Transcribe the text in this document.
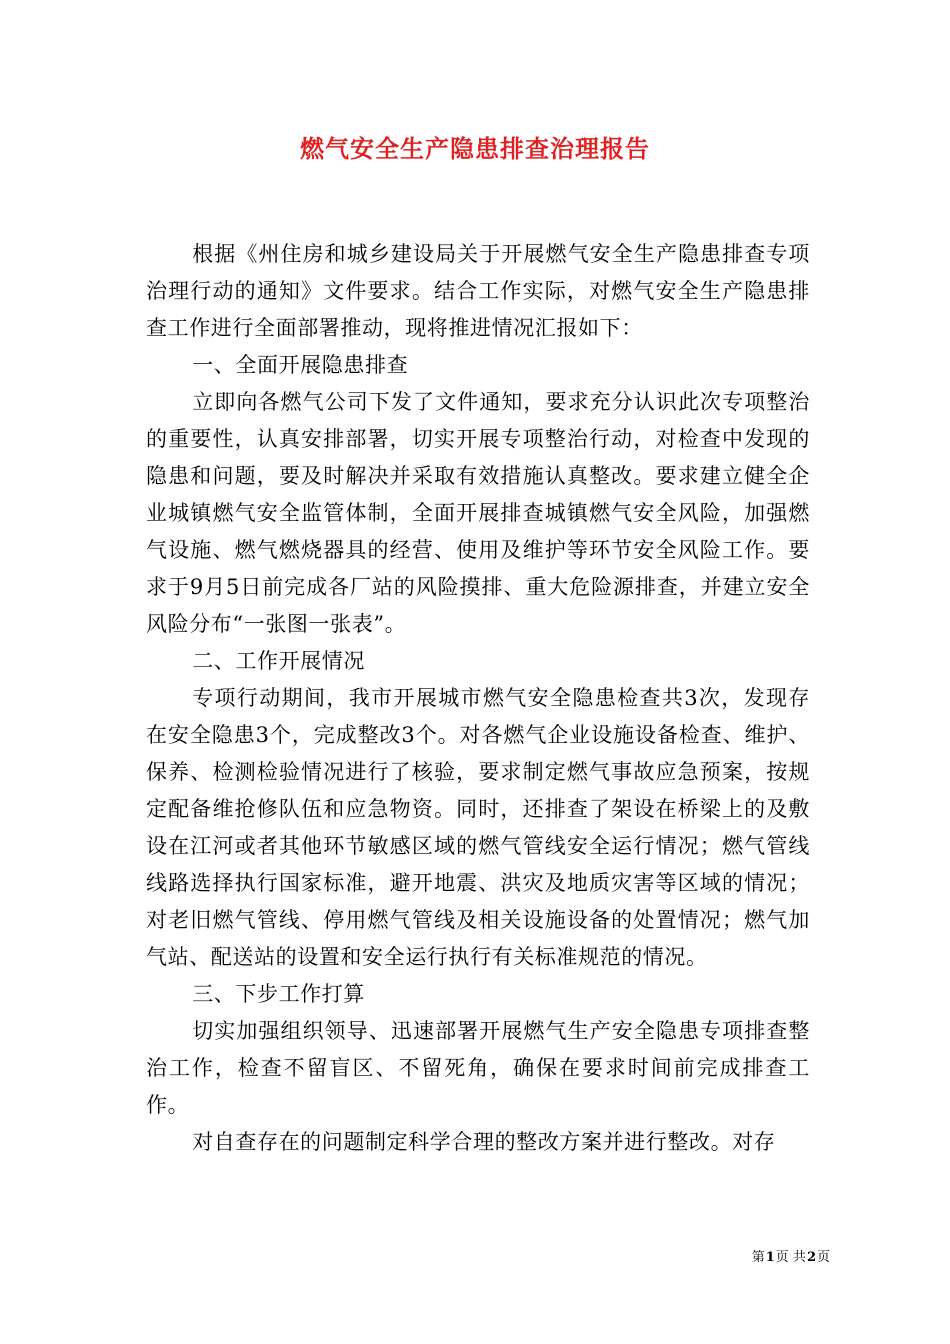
燃气安全生产隐患排查治理报告

根据《州住房和城乡建设局关于开展燃气安全生产隐患排查专项治理行动的通知》文件要求。结合工作实际，对燃气安全生产隐患排查工作进行全面部署推动，现将推进情况汇报如下：

一、全面开展隐患排查

立即向各燃气公司下发了文件通知，要求充分认识此次专项整治的重要性，认真安排部署，切实开展专项整治行动，对检查中发现的隐患和问题，要及时解决并采取有效措施认真整改。要求建立健全企业城镇燃气安全监管体制，全面开展排查城镇燃气安全风险，加强燃气设施、燃气燃烧器具的经营、使用及维护等环节安全风险工作。要求于9月5日前完成各厂站的风险摸排、重大危险源排查，并建立安全风险分布“一张图一张表”。

二、工作开展情况

专项行动期间，我市开展城市燃气安全隐患检查共3次，发现存在安全隐患3个，完成整改3个。对各燃气企业设施设备检查、维护、保养、检测检验情况进行了核验，要求制定燃气事故应急预案，按规定配备维抢修队伍和应急物资。同时，还排查了架设在桥梁上的及敷设在江河或者其他环节敏感区域的燃气管线安全运行情况；燃气管线线路选择执行国家标准，避开地震、洪灾及地质灾害等区域的情况；对老旧燃气管线、停用燃气管线及相关设施设备的处置情况；燃气加气站、配送站的设置和安全运行执行有关标准规范的情况。

三、下步工作打算

切实加强组织领导、迅速部署开展燃气生产安全隐患专项排查整治工作，检查不留盲区、不留死角，确保在要求时间前完成排查工作。

对自查存在的问题制定科学合理的整改方案并进行整改。对存

第1页 共2页
